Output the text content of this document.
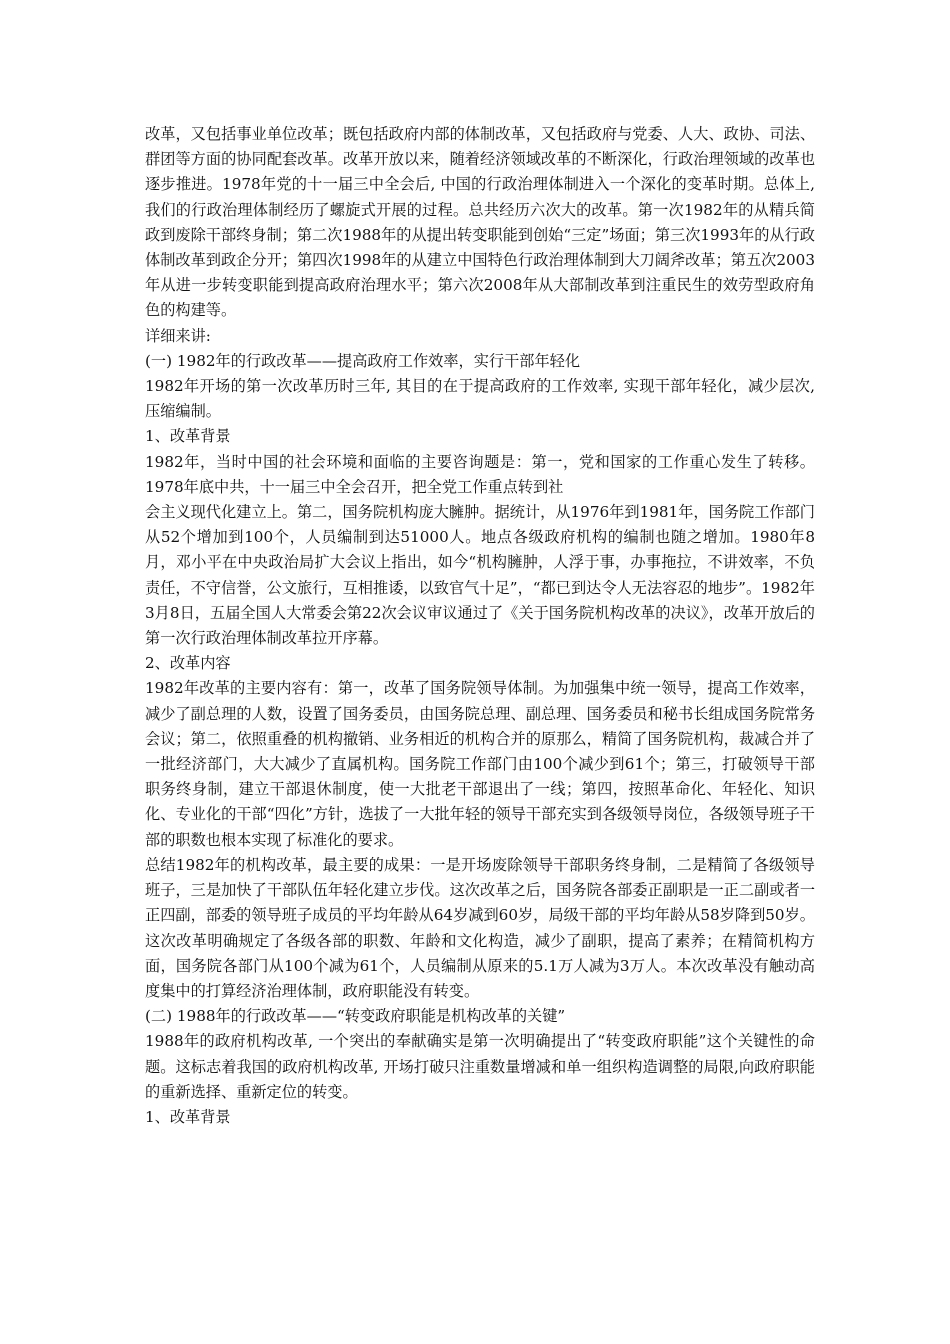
改革，又包括事业单位改革；既包括政府内部的体制改革，又包括政府与党委、人大、政协、司法、群团等方面的协同配套改革。改革开放以来，随着经济领域改革的不断深化，行政治理领域的改革也逐步推进。1978年党的十一届三中全会后, 中国的行政治理体制进入一个深化的变革时期。总体上, 我们的行政治理体制经历了螺旋式开展的过程。总共经历六次大的改革。第一次1982年的从精兵简政到废除干部终身制；第二次1988年的从提出转变职能到创始“三定”场面；第三次1993年的从行政体制改革到政企分开；第四次1998年的从建立中国特色行政治理体制到大刀阔斧改革；第五次2003年从进一步转变职能到提高政府治理水平；第六次2008年从大部制改革到注重民生的效劳型政府角色的构建等。

详细来讲:

(一) 1982年的行政改革——提高政府工作效率，实行干部年轻化

1982年开场的第一次改革历时三年, 其目的在于提高政府的工作效率, 实现干部年轻化，减少层次, 压缩编制。

1、改革背景

1982年，当时中国的社会环境和面临的主要咨询题是：第一，党和国家的工作重心发生了转移。1978年底中共，十一届三中全会召开，把全党工作重点转到社

会主义现代化建立上。第二，国务院机构庞大臃肿。据统计，从1976年到1981年，国务院工作部门从52个增加到100个，人员编制到达51000人。地点各级政府机构的编制也随之增加。1980年8月，邓小平在中央政治局扩大会议上指出，如今“机构臃肿，人浮于事，办事拖拉，不讲效率，不负责任，不守信誉，公文旅行，互相推诿，以致官气十足”，“都已到达令人无法容忍的地步”。1982年3月8日，五届全国人大常委会第22次会议审议通过了《关于国务院机构改革的决议》，改革开放后的第一次行政治理体制改革拉开序幕。

2、改革内容

1982年改革的主要内容有：第一，改革了国务院领导体制。为加强集中统一领导，提高工作效率，减少了副总理的人数，设置了国务委员，由国务院总理、副总理、国务委员和秘书长组成国务院常务会议；第二，依照重叠的机构撤销、业务相近的机构合并的原那么，精简了国务院机构，裁减合并了一批经济部门，大大减少了直属机构。国务院工作部门由100个减少到61个；第三，打破领导干部职务终身制，建立干部退休制度，使一大批老干部退出了一线；第四，按照革命化、年轻化、知识化、专业化的干部“四化”方针，选拔了一大批年轻的领导干部充实到各级领导岗位，各级领导班子干部的职数也根本实现了标准化的要求。

总结1982年的机构改革，最主要的成果：一是开场废除领导干部职务终身制，二是精简了各级领导班子，三是加快了干部队伍年轻化建立步伐。这次改革之后，国务院各部委正副职是一正二副或者一正四副，部委的领导班子成员的平均年龄从64岁减到60岁，局级干部的平均年龄从58岁降到50岁。这次改革明确规定了各级各部的职数、年龄和文化构造，减少了副职，提高了素养；在精简机构方面，国务院各部门从100个减为61个，人员编制从原来的5.1万人减为3万人。本次改革没有触动高度集中的打算经济治理体制，政府职能没有转变。

(二) 1988年的行政改革——“转变政府职能是机构改革的关键”

1988年的政府机构改革, 一个突出的奉献确实是第一次明确提出了“转变政府职能”这个关键性的命题。这标志着我国的政府机构改革, 开场打破只注重数量增减和单一组织构造调整的局限,向政府职能的重新选择、重新定位的转变。

1、改革背景
